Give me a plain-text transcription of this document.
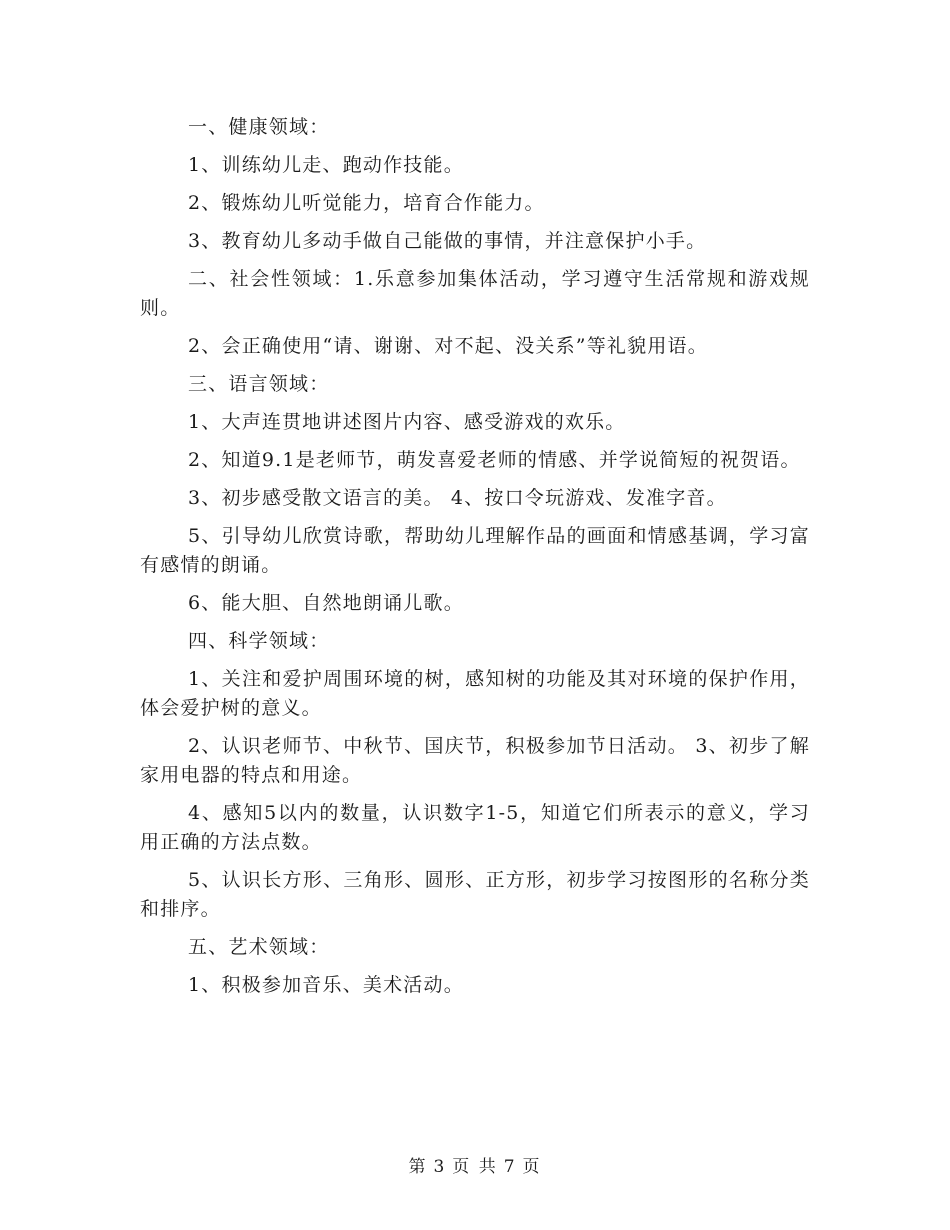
一、健康领域：

1、训练幼儿走、跑动作技能。

2、锻炼幼儿听觉能力，培育合作能力。

3、教育幼儿多动手做自己能做的事情，并注意保护小手。

二、社会性领域：1.乐意参加集体活动，学习遵守生活常规和游戏规则。

2、会正确使用“请、谢谢、对不起、没关系”等礼貌用语。

三、语言领域：

1、大声连贯地讲述图片内容、感受游戏的欢乐。

2、知道9.1是老师节，萌发喜爱老师的情感、并学说简短的祝贺语。

3、初步感受散文语言的美。 4、按口令玩游戏、发准字音。

5、引导幼儿欣赏诗歌，帮助幼儿理解作品的画面和情感基调，学习富有感情的朗诵。

6、能大胆、自然地朗诵儿歌。

四、科学领域：

1、关注和爱护周围环境的树，感知树的功能及其对环境的保护作用，体会爱护树的意义。

2、认识老师节、中秋节、国庆节，积极参加节日活动。 3、初步了解家用电器的特点和用途。

4、感知5以内的数量，认识数字1-5，知道它们所表示的意义，学习用正确的方法点数。

5、认识长方形、三角形、圆形、正方形，初步学习按图形的名称分类和排序。

五、艺术领域：

1、积极参加音乐、美术活动。

第 3 页 共 7 页
